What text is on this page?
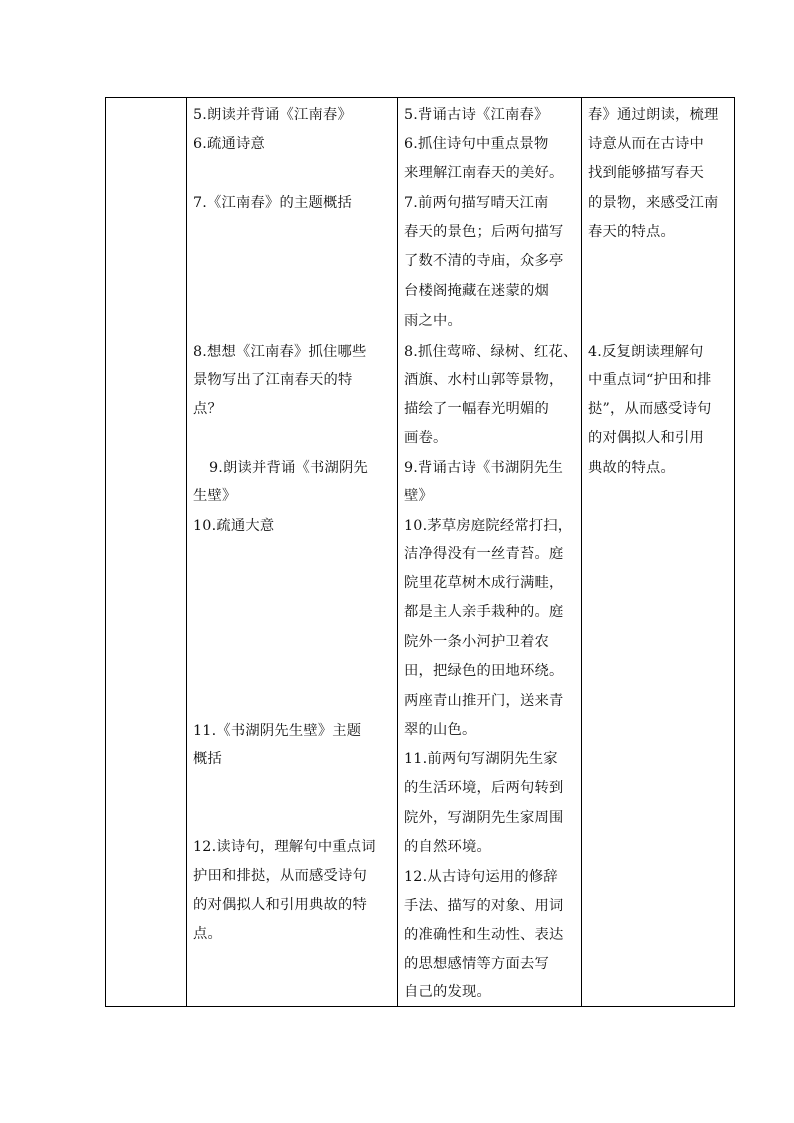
5.朗读并背诵《江南春》
6.疏通诗意
7.《江南春》的主题概括
8.想想《江南春》抓住哪些
景物写出了江南春天的特
点？
9.朗读并背诵《书湖阴先
生壁》
10.疏通大意
11.《书湖阴先生壁》主题
概括
12.读诗句，理解句中重点词
护田和排挞，从而感受诗句
的对偶拟人和引用典故的特
点。
5.背诵古诗《江南春》
6.抓住诗句中重点景物
来理解江南春天的美好。
7.前两句描写晴天江南
春天的景色；后两句描写
了数不清的寺庙，众多亭
台楼阁掩藏在迷蒙的烟
雨之中。
8.抓住莺啼、绿树、红花、
酒旗、水村山郭等景物，
描绘了一幅春光明媚的
画卷。
9.背诵古诗《书湖阴先生
壁》
10.茅草房庭院经常打扫，
洁净得没有一丝青苔。庭
院里花草树木成行满畦，
都是主人亲手栽种的。庭
院外一条小河护卫着农
田，把绿色的田地环绕。
两座青山推开门，送来青
翠的山色。
11.前两句写湖阴先生家
的生活环境，后两句转到
院外，写湖阴先生家周围
的自然环境。
12.从古诗句运用的修辞
手法、描写的对象、用词
的准确性和生动性、表达
的思想感情等方面去写
自己的发现。
春》通过朗读，梳理
诗意从而在古诗中
找到能够描写春天
的景物，来感受江南
春天的特点。
4.反复朗读理解句
中重点词“护田和排
挞”，从而感受诗句
的对偶拟人和引用
典故的特点。
